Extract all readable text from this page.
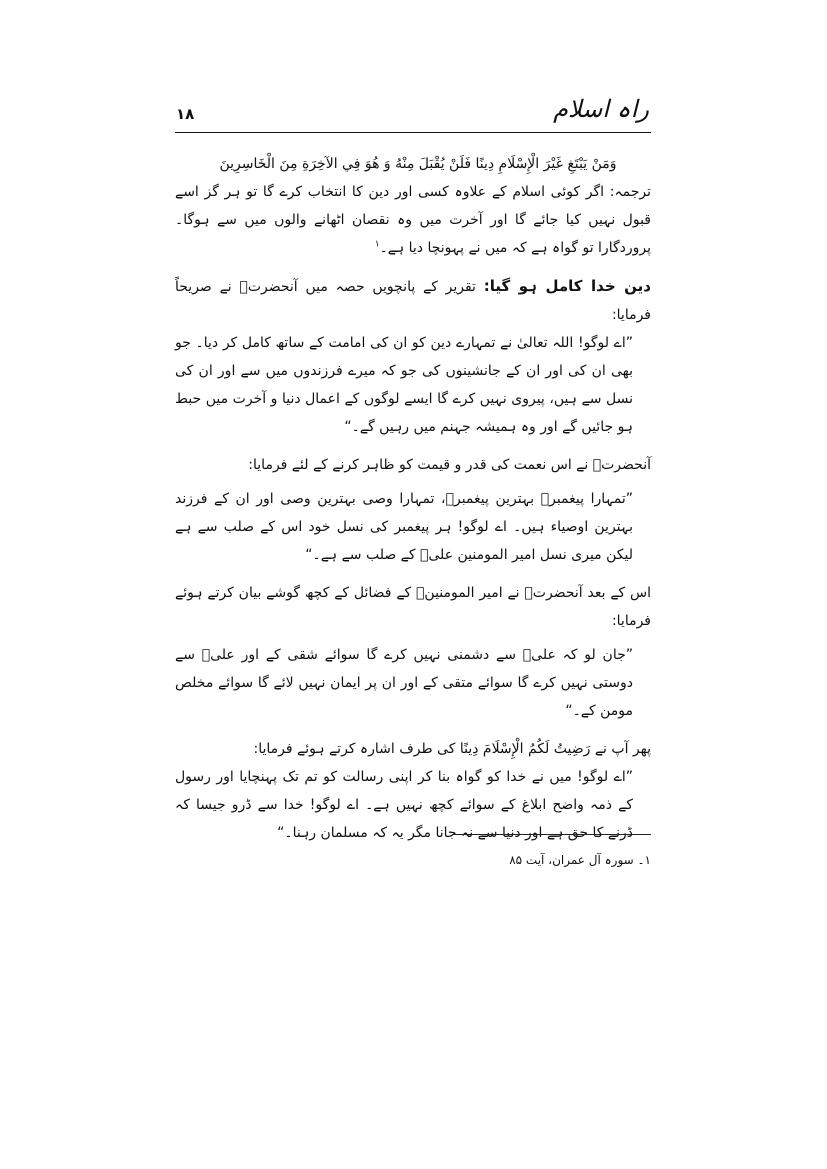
راہ اسلام
۱۸

وَمَنْ يَبْتَغِ غَيْرَ الْإِسْلَامِ دِينًا فَلَنْ يُقْبَلَ مِنْهُ وَ هُوَ فِي الآخِرَةِ مِنَ الْخَاسِرِينَ

ترجمہ: اگر کوئی اسلام کے علاوہ کسی اور دین کا انتخاب کرے گا تو ہر گز اسے قبول نہیں کیا جائے گا اور آخرت میں وہ نقصان اٹھانے والوں میں سے ہوگا۔ پروردگارا تو گواہ ہے کہ میں نے پہونچا دیا ہے۔$^۱$

دین خدا کامل ہو گیا: تقریر کے پانچویں حصہ میں آنحضرتؐ نے صریحاً فرمایا:

”اے لوگو! اللہ تعالیٰ نے تمہارے دین کو ان کی امامت کے ساتھ کامل کر دیا۔ جو بھی ان کی اور ان کے جانشینوں کی جو کہ میرے فرزندوں میں سے اور ان کی نسل سے ہیں، پیروی نہیں کرے گا ایسے لوگوں کے اعمال دنیا و آخرت میں حبط ہو جائیں گے اور وہ ہمیشہ جہنم میں رہیں گے۔“

آنحضرتؐ نے اس نعمت کی قدر و قیمت کو ظاہر کرنے کے لئے فرمایا:

”تمہارا پیغمبرؐ بہترین پیغمبرؐ، تمہارا وصی بہترین وصی اور ان کے فرزند بہترین اوصیاء ہیں۔ اے لوگو! ہر پیغمبر کی نسل خود اس کے صلب سے ہے لیکن میری نسل امیر المومنین علیؑ کے صلب سے ہے۔“

اس کے بعد آنحضرتؐ نے امیر المومنینؑ کے فضائل کے کچھ گوشے بیان کرتے ہوئے فرمایا:

”جان لو کہ علیؑ سے دشمنی نہیں کرے گا سوائے شقی کے اور علیؑ سے دوستی نہیں کرے گا سوائے متقی کے اور ان پر ایمان نہیں لائے گا سوائے مخلص مومن کے۔“

پھر آپ نے رَضِيتُ لَكُمُ الْإِسْلَامَ دِينًا کی طرف اشارہ کرتے ہوئے فرمایا:

”اے لوگو! میں نے خدا کو گواہ بنا کر اپنی رسالت کو تم تک پہنچایا اور رسول کے ذمہ واضح ابلاغ کے سوائے کچھ نہیں ہے۔ اے لوگو! خدا سے ڈرو جیسا کہ ڈرنے کا حق ہے اور دنیا سے نہ جانا مگر یہ کہ مسلمان رہنا۔“

۱۔ سورہ آل عمران، آیت ۸۵
